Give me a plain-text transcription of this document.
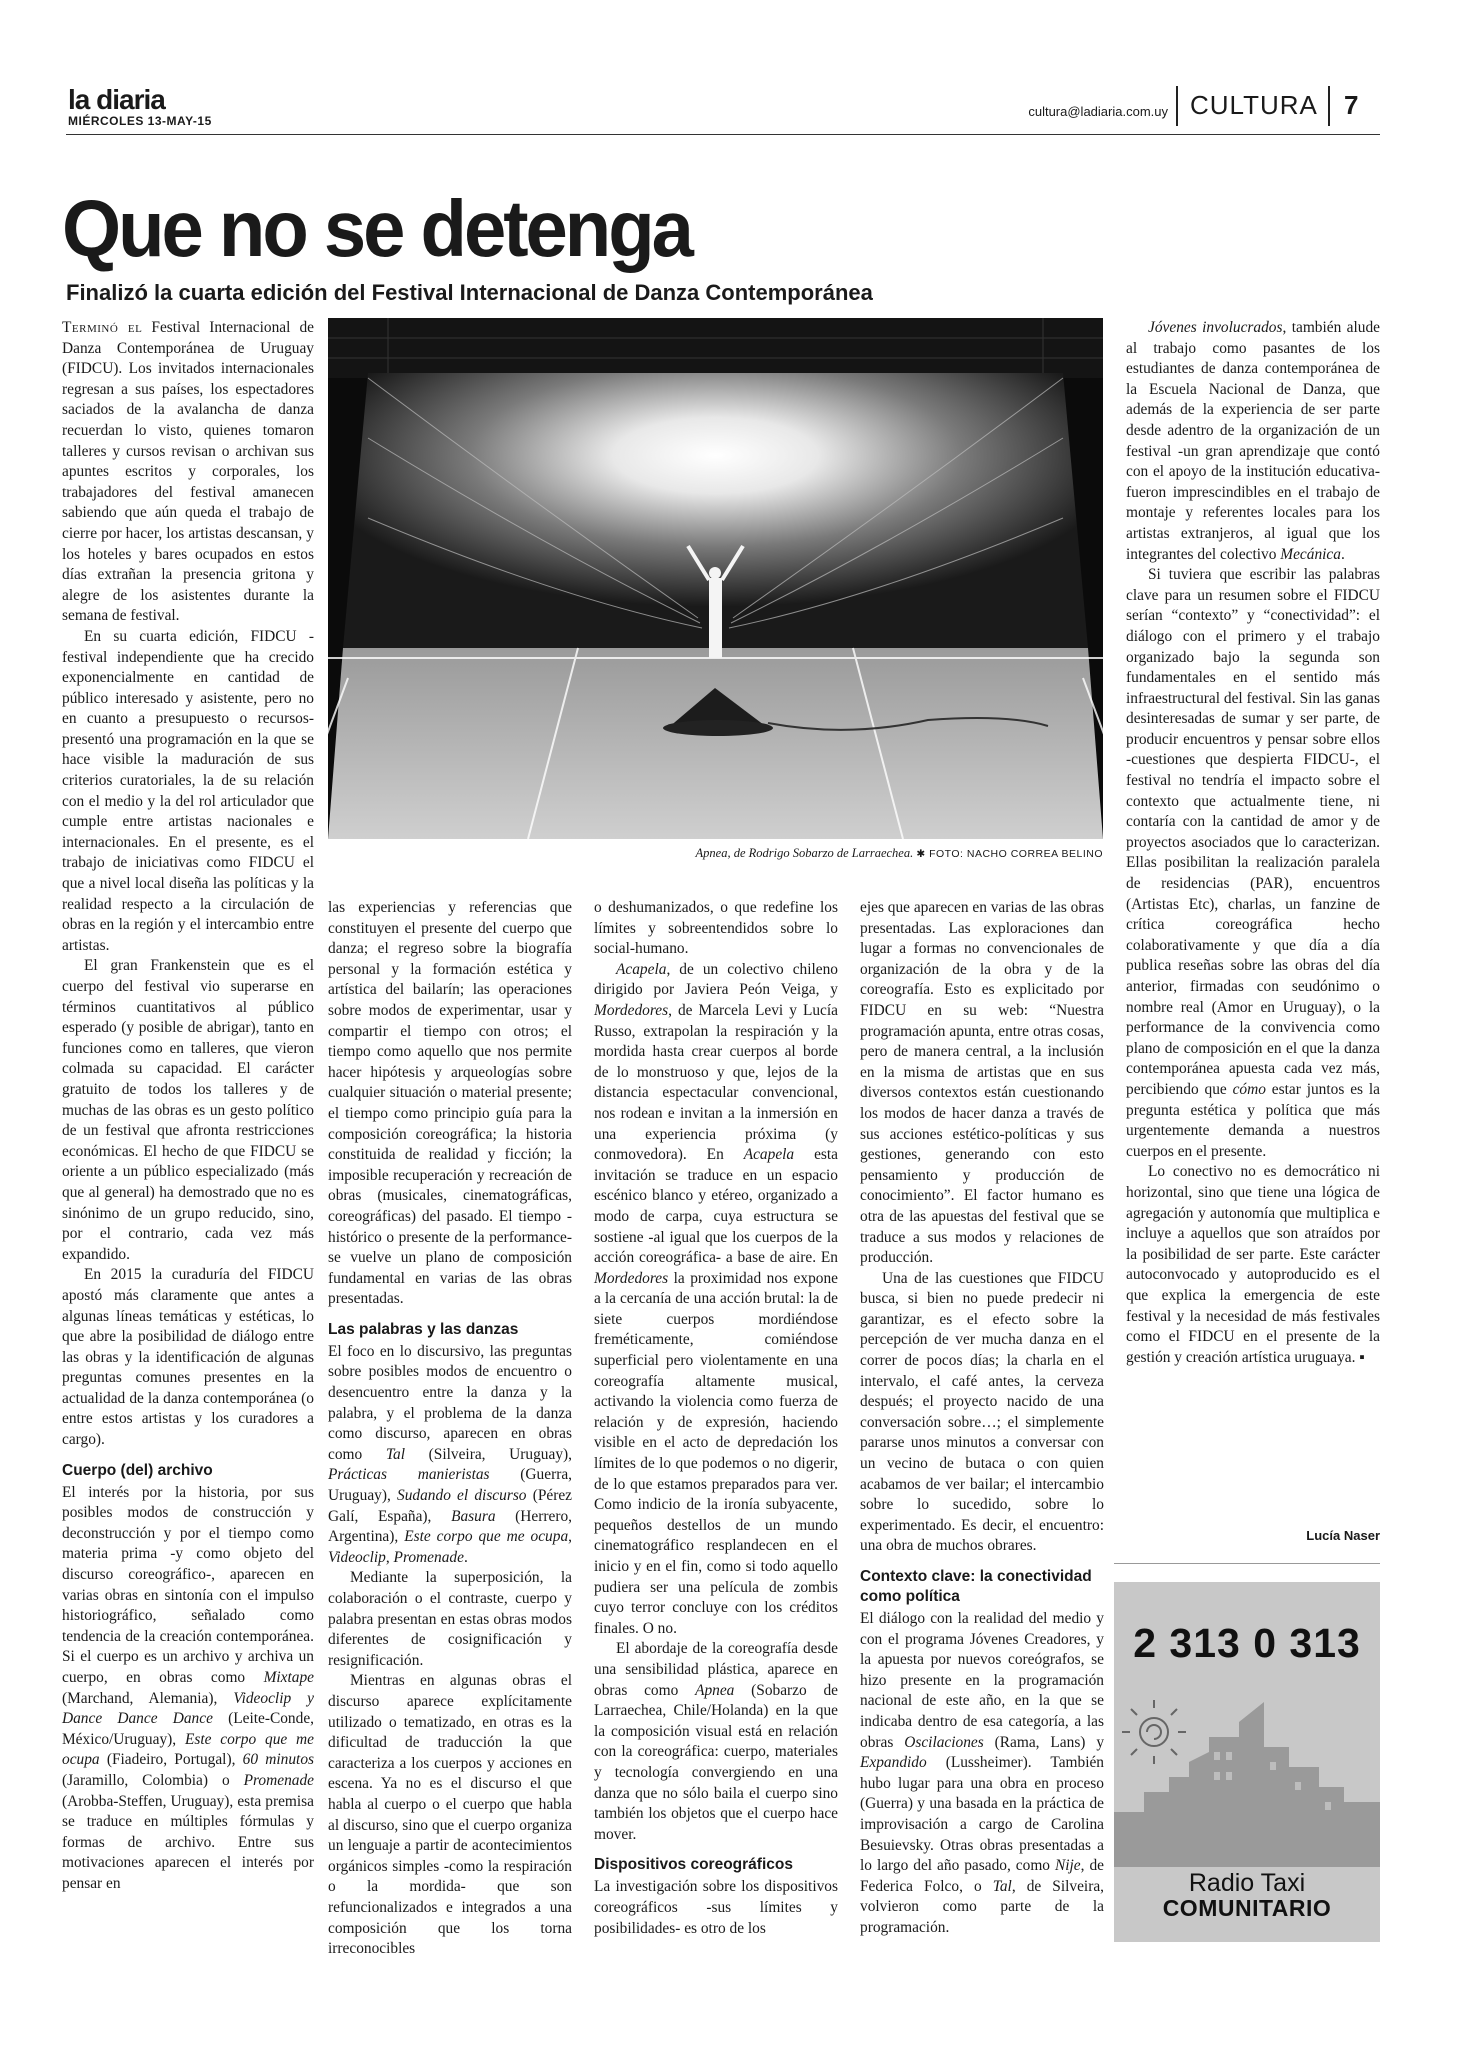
la diaria
MIÉRCOLES 13-MAY-15
cultura@ladiaria.com.uy CULTURA 7
Que no se detenga
Finalizó la cuarta edición del Festival Internacional de Danza Contemporánea
Apnea, de Rodrigo Sobarzo de Larraechea. ✱ FOTO: NACHO CORREA BELINO

Terminó el Festival Internacional de Danza Contemporánea de Uruguay (FIDCU). Los invitados internacionales regresan a sus países, los espectadores saciados de la avalancha de danza recuerdan lo visto, quienes tomaron talleres y cursos revisan o archivan sus apuntes escritos y corporales, los trabajadores del festival amanecen sabiendo que aún queda el trabajo de cierre por hacer, los artistas descansan, y los hoteles y bares ocupados en estos días extrañan la presencia gritona y alegre de los asistentes durante la semana de festival.

En su cuarta edición, FIDCU -festival independiente que ha crecido exponencialmente en cantidad de público interesado y asistente, pero no en cuanto a presupuesto o recursos- presentó una programación en la que se hace visible la maduración de sus criterios curatoriales, la de su relación con el medio y la del rol articulador que cumple entre artistas nacionales e internacionales. En el presente, es el trabajo de iniciativas como FIDCU el que a nivel local diseña las políticas y la realidad respecto a la circulación de obras en la región y el intercambio entre artistas.

El gran Frankenstein que es el cuerpo del festival vio superarse en términos cuantitativos al público esperado (y posible de abrigar), tanto en funciones como en talleres, que vieron colmada su capacidad. El carácter gratuito de todos los talleres y de muchas de las obras es un gesto político de un festival que afronta restricciones económicas. El hecho de que FIDCU se oriente a un público especializado (más que al general) ha demostrado que no es sinónimo de un grupo reducido, sino, por el contrario, cada vez más expandido.

En 2015 la curaduría del FIDCU apostó más claramente que antes a algunas líneas temáticas y estéticas, lo que abre la posibilidad de diálogo entre las obras y la identificación de algunas preguntas comunes presentes en la actualidad de la danza contemporánea (o entre estos artistas y los curadores a cargo).

Cuerpo (del) archivo

El interés por la historia, por sus posibles modos de construcción y deconstrucción y por el tiempo como materia prima -y como objeto del discurso coreográfico-, aparecen en varias obras en sintonía con el impulso historiográfico, señalado como tendencia de la creación contemporánea. Si el cuerpo es un archivo y archiva un cuerpo, en obras como Mixtape (Marchand, Alemania), Videoclip y Dance Dance Dance (Leite-Conde, México/Uruguay), Este corpo que me ocupa (Fiadeiro, Portugal), 60 minutos (Jaramillo, Colombia) o Promenade (Arobba-Steffen, Uruguay), esta premisa se traduce en múltiples fórmulas y formas de archivo. Entre sus motivaciones aparecen el interés por pensar en

las experiencias y referencias que constituyen el presente del cuerpo que danza; el regreso sobre la biografía personal y la formación estética y artística del bailarín; las operaciones sobre modos de experimentar, usar y compartir el tiempo con otros; el tiempo como aquello que nos permite hacer hipótesis y arqueologías sobre cualquier situación o material presente; el tiempo como principio guía para la composición coreográfica; la historia constituida de realidad y ficción; la imposible recuperación y recreación de obras (musicales, cinematográficas, coreográficas) del pasado. El tiempo -histórico o presente de la performance- se vuelve un plano de composición fundamental en varias de las obras presentadas.

Las palabras y las danzas

El foco en lo discursivo, las preguntas sobre posibles modos de encuentro o desencuentro entre la danza y la palabra, y el problema de la danza como discurso, aparecen en obras como Tal (Silveira, Uruguay), Prácticas manieristas (Guerra, Uruguay), Sudando el discurso (Pérez Galí, España), Basura (Herrero, Argentina), Este corpo que me ocupa, Videoclip, Promenade.

Mediante la superposición, la colaboración o el contraste, cuerpo y palabra presentan en estas obras modos diferentes de cosignificación y resignificación.

Mientras en algunas obras el discurso aparece explícitamente utilizado o tematizado, en otras es la dificultad de traducción la que caracteriza a los cuerpos y acciones en escena. Ya no es el discurso el que habla al cuerpo o el cuerpo que habla al discurso, sino que el cuerpo organiza un lenguaje a partir de acontecimientos orgánicos simples -como la respiración o la mordida- que son refuncionalizados e integrados a una composición que los torna irreconocibles

o deshumanizados, o que redefine los límites y sobreentendidos sobre lo social-humano.

Acapela, de un colectivo chileno dirigido por Javiera Peón Veiga, y Mordedores, de Marcela Levi y Lucía Russo, extrapolan la respiración y la mordida hasta crear cuerpos al borde de lo monstruoso y que, lejos de la distancia espectacular convencional, nos rodean e invitan a la inmersión en una experiencia próxima (y conmovedora). En Acapela esta invitación se traduce en un espacio escénico blanco y etéreo, organizado a modo de carpa, cuya estructura se sostiene -al igual que los cuerpos de la acción coreográfica- a base de aire. En Mordedores la proximidad nos expone a la cercanía de una acción brutal: la de siete cuerpos mordiéndose freméticamente, comiéndose superficial pero violentamente en una coreografía altamente musical, activando la violencia como fuerza de relación y de expresión, haciendo visible en el acto de depredación los límites de lo que podemos o no digerir, de lo que estamos preparados para ver. Como indicio de la ironía subyacente, pequeños destellos de un mundo cinematográfico resplandecen en el inicio y en el fin, como si todo aquello pudiera ser una película de zombis cuyo terror concluye con los créditos finales. O no.

El abordaje de la coreografía desde una sensibilidad plástica, aparece en obras como Apnea (Sobarzo de Larraechea, Chile/Holanda) en la que la composición visual está en relación con la coreográfica: cuerpo, materiales y tecnología convergiendo en una danza que no sólo baila el cuerpo sino también los objetos que el cuerpo hace mover.

Dispositivos coreográficos

La investigación sobre los dispositivos coreográficos -sus límites y posibilidades- es otro de los

ejes que aparecen en varias de las obras presentadas. Las exploraciones dan lugar a formas no convencionales de organización de la obra y de la coreografía. Esto es explicitado por FIDCU en su web: “Nuestra programación apunta, entre otras cosas, pero de manera central, a la inclusión en la misma de artistas que en sus diversos contextos están cuestionando los modos de hacer danza a través de sus acciones estético-políticas y sus gestiones, generando con esto pensamiento y producción de conocimiento”. El factor humano es otra de las apuestas del festival que se traduce a sus modos y relaciones de producción.

Una de las cuestiones que FIDCU busca, si bien no puede predecir ni garantizar, es el efecto sobre la percepción de ver mucha danza en el correr de pocos días; la charla en el intervalo, el café antes, la cerveza después; el proyecto nacido de una conversación sobre…; el simplemente pararse unos minutos a conversar con un vecino de butaca o con quien acabamos de ver bailar; el intercambio sobre lo sucedido, sobre lo experimentado. Es decir, el encuentro: una obra de muchos obrares.

Contexto clave: la conectividad como política

El diálogo con la realidad del medio y con el programa Jóvenes Creadores, y la apuesta por nuevos coreógrafos, se hizo presente en la programación nacional de este año, en la que se indicaba dentro de esa categoría, a las obras Oscilaciones (Rama, Lans) y Expandido (Lussheimer). También hubo lugar para una obra en proceso (Guerra) y una basada en la práctica de improvisación a cargo de Carolina Besuievsky. Otras obras presentadas a lo largo del año pasado, como Nije, de Federica Folco, o Tal, de Silveira, volvieron como parte de la programación.

Jóvenes involucrados, también alude al trabajo como pasantes de los estudiantes de danza contemporánea de la Escuela Nacional de Danza, que además de la experiencia de ser parte desde adentro de la organización de un festival -un gran aprendizaje que contó con el apoyo de la institución educativa- fueron imprescindibles en el trabajo de montaje y referentes locales para los artistas extranjeros, al igual que los integrantes del colectivo Mecánica.

Si tuviera que escribir las palabras clave para un resumen sobre el FIDCU serían “contexto” y “conectividad”: el diálogo con el primero y el trabajo organizado bajo la segunda son fundamentales en el sentido más infraestructural del festival. Sin las ganas desinteresadas de sumar y ser parte, de producir encuentros y pensar sobre ellos -cuestiones que despierta FIDCU-, el festival no tendría el impacto sobre el contexto que actualmente tiene, ni contaría con la cantidad de amor y de proyectos asociados que lo caracterizan. Ellas posibilitan la realización paralela de residencias (PAR), encuentros (Artistas Etc), charlas, un fanzine de crítica coreográfica hecho colaborativamente y que día a día publica reseñas sobre las obras del día anterior, firmadas con seudónimo o nombre real (Amor en Uruguay), o la performance de la convivencia como plano de composición en el que la danza contemporánea apuesta cada vez más, percibiendo que cómo estar juntos es la pregunta estética y política que más urgentemente demanda a nuestros cuerpos en el presente.

Lo conectivo no es democrático ni horizontal, sino que tiene una lógica de agregación y autonomía que multiplica e incluye a aquellos que son atraídos por la posibilidad de ser parte. Este carácter autoconvocado y autoproducido es el que explica la emergencia de este festival y la necesidad de más festivales como el FIDCU en el presente de la gestión y creación artística uruguaya. ▪

Lucía Naser
2 313 0 313
Radio Taxi
COMUNITARIO
